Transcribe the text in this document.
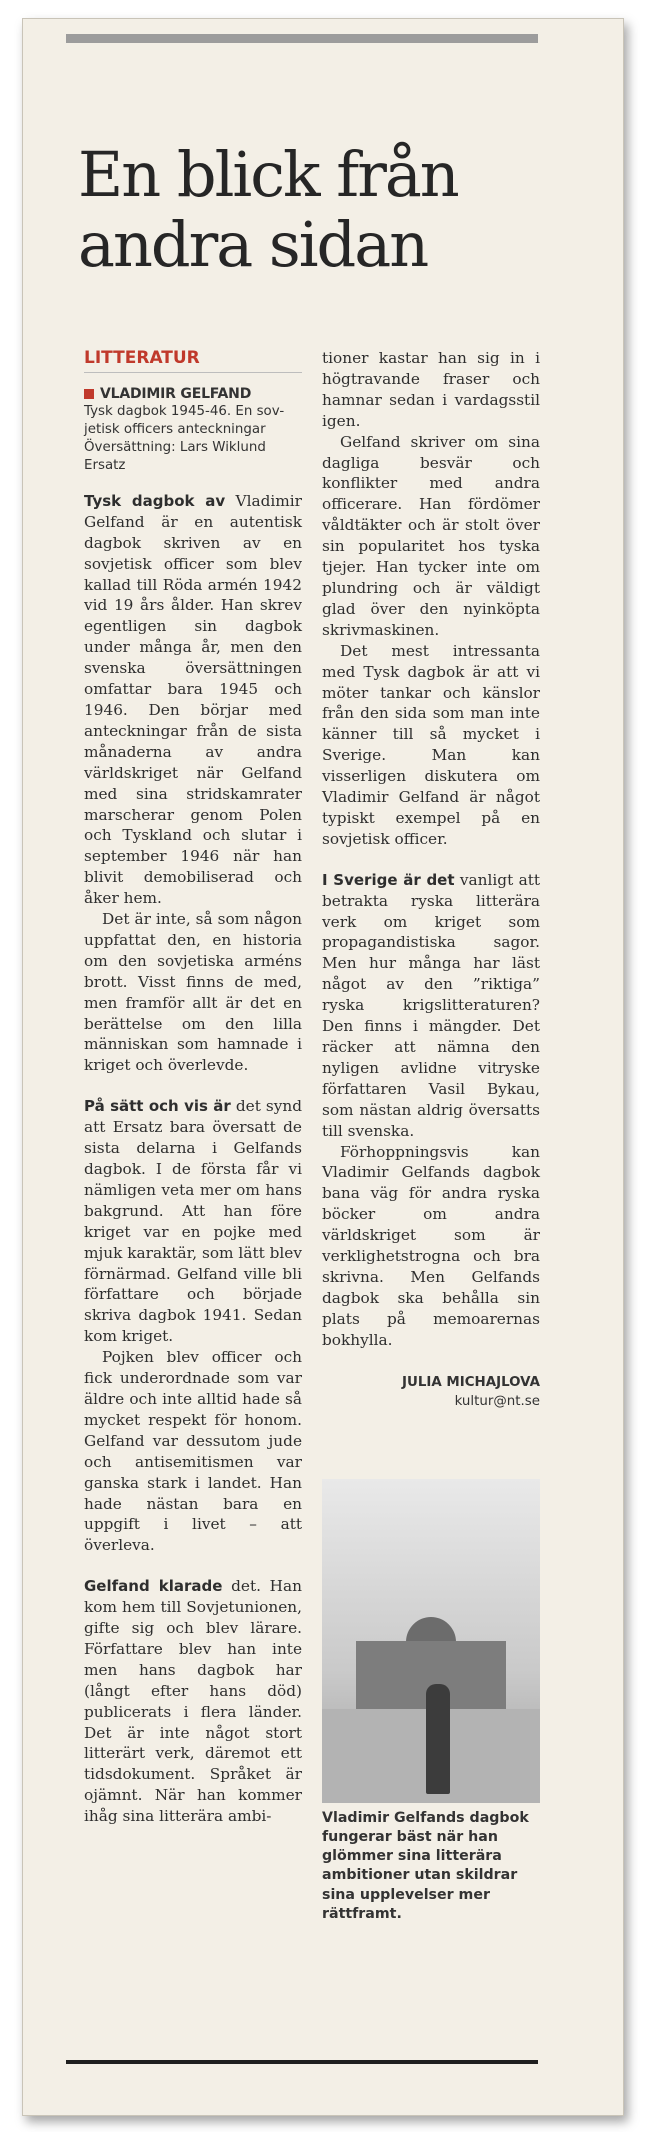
En blick från andra sidan
LITTERATUR
VLADIMIR GELFAND
Tysk dagbok 1945-46. En sov-jetisk officers anteckningar
Översättning: Lars Wiklund
Ersatz

Tysk dagbok av Vladimir Gelfand är en autentisk dagbok skriven av en sovjetisk officer som blev kallad till Röda armén 1942 vid 19 års ålder. Han skrev egentligen sin dagbok under många år, men den svenska översättningen omfattar bara 1945 och 1946. Den börjar med anteckningar från de sista månaderna av andra världskriget när Gelfand med sina stridskamrater marscherar genom Polen och Tyskland och slutar i september 1946 när han blivit demobiliserad och åker hem.

Det är inte, så som någon uppfattat den, en historia om den sovjetiska arméns brott. Visst finns de med, men framför allt är det en berättelse om den lilla människan som hamnade i kriget och överlevde.

På sätt och vis är det synd att Ersatz bara översatt de sista delarna i Gelfands dagbok. I de första får vi nämligen veta mer om hans bakgrund. Att han före kriget var en pojke med mjuk karaktär, som lätt blev förnärmad. Gelfand ville bli författare och började skriva dagbok 1941. Sedan kom kriget.

Pojken blev officer och fick underordnade som var äldre och inte alltid hade så mycket respekt för honom. Gelfand var dessutom jude och antisemitismen var ganska stark i landet. Han hade nästan bara en uppgift i livet – att överleva.

Gelfand klarade det. Han kom hem till Sovjetunionen, gifte sig och blev lärare. Författare blev han inte men hans dagbok har (långt efter hans död) publicerats i flera länder. Det är inte något stort litterärt verk, däremot ett tidsdokument. Språket är ojämnt. När han kommer ihåg sina litterära ambi-

tioner kastar han sig in i högtravande fraser och hamnar sedan i vardagsstil igen.

Gelfand skriver om sina dagliga besvär och konflikter med andra officerare. Han fördömer våldtäkter och är stolt över sin popularitet hos tyska tjejer. Han tycker inte om plundring och är väldigt glad över den nyinköpta skrivmaskinen.

Det mest intressanta med Tysk dagbok är att vi möter tankar och känslor från den sida som man inte känner till så mycket i Sverige. Man kan visserligen diskutera om Vladimir Gelfand är något typiskt exempel på en sovjetisk officer.

I Sverige är det vanligt att betrakta ryska litterära verk om kriget som propagandistiska sagor. Men hur många har läst något av den ”riktiga” ryska krigslitteraturen? Den finns i mängder. Det räcker att nämna den nyligen avlidne vitryske författaren Vasil Bykau, som nästan aldrig översatts till svenska.

Förhoppningsvis kan Vladimir Gelfands dagbok bana väg för andra ryska böcker om andra världskriget som är verklighetstrogna och bra skrivna. Men Gelfands dagbok ska behålla sin plats på memoarernas bokhylla.

JULIA MICHAJLOVA
kultur@nt.se
Vladimir Gelfands dagbok fungerar bäst när han glömmer sina litterära ambitioner utan skildrar sina upplevelser mer rättframt.
